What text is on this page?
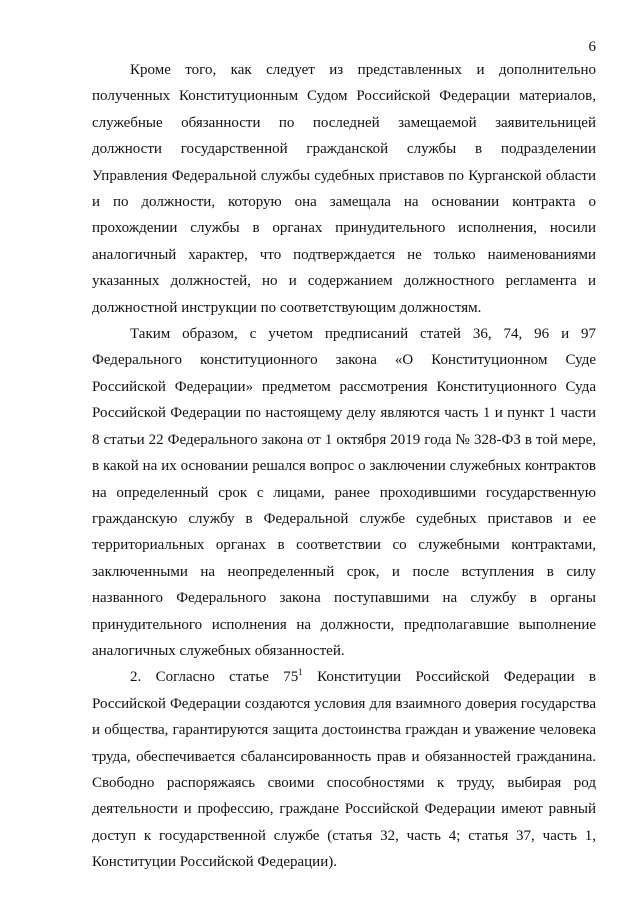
6

Кроме того, как следует из представленных и дополнительно полученных Конституционным Судом Российской Федерации материалов, служебные обязанности по последней замещаемой заявительницей должности государственной гражданской службы в подразделении Управления Федеральной службы судебных приставов по Курганской области и по должности, которую она замещала на основании контракта о прохождении службы в органах принудительного исполнения, носили аналогичный характер, что подтверждается не только наименованиями указанных должностей, но и содержанием должностного регламента и должностной инструкции по соответствующим должностям.

Таким образом, с учетом предписаний статей 36, 74, 96 и 97 Федерального конституционного закона «О Конституционном Суде Российской Федерации» предметом рассмотрения Конституционного Суда Российской Федерации по настоящему делу являются часть 1 и пункт 1 части 8 статьи 22 Федерального закона от 1 октября 2019 года № 328-ФЗ в той мере, в какой на их основании решался вопрос о заключении служебных контрактов на определенный срок с лицами, ранее проходившими государственную гражданскую службу в Федеральной службе судебных приставов и ее территориальных органах в соответствии со служебными контрактами, заключенными на неопределенный срок, и после вступления в силу названного Федерального закона поступавшими на службу в органы принудительного исполнения на должности, предполагавшие выполнение аналогичных служебных обязанностей.

2. Согласно статье $75^1$ Конституции Российской Федерации в Российской Федерации создаются условия для взаимного доверия государства и общества, гарантируются защита достоинства граждан и уважение человека труда, обеспечивается сбалансированность прав и обязанностей гражданина. Свободно распоряжаясь своими способностями к труду, выбирая род деятельности и профессию, граждане Российской Федерации имеют равный доступ к государственной службе (статья 32, часть 4; статья 37, часть 1, Конституции Российской Федерации).
